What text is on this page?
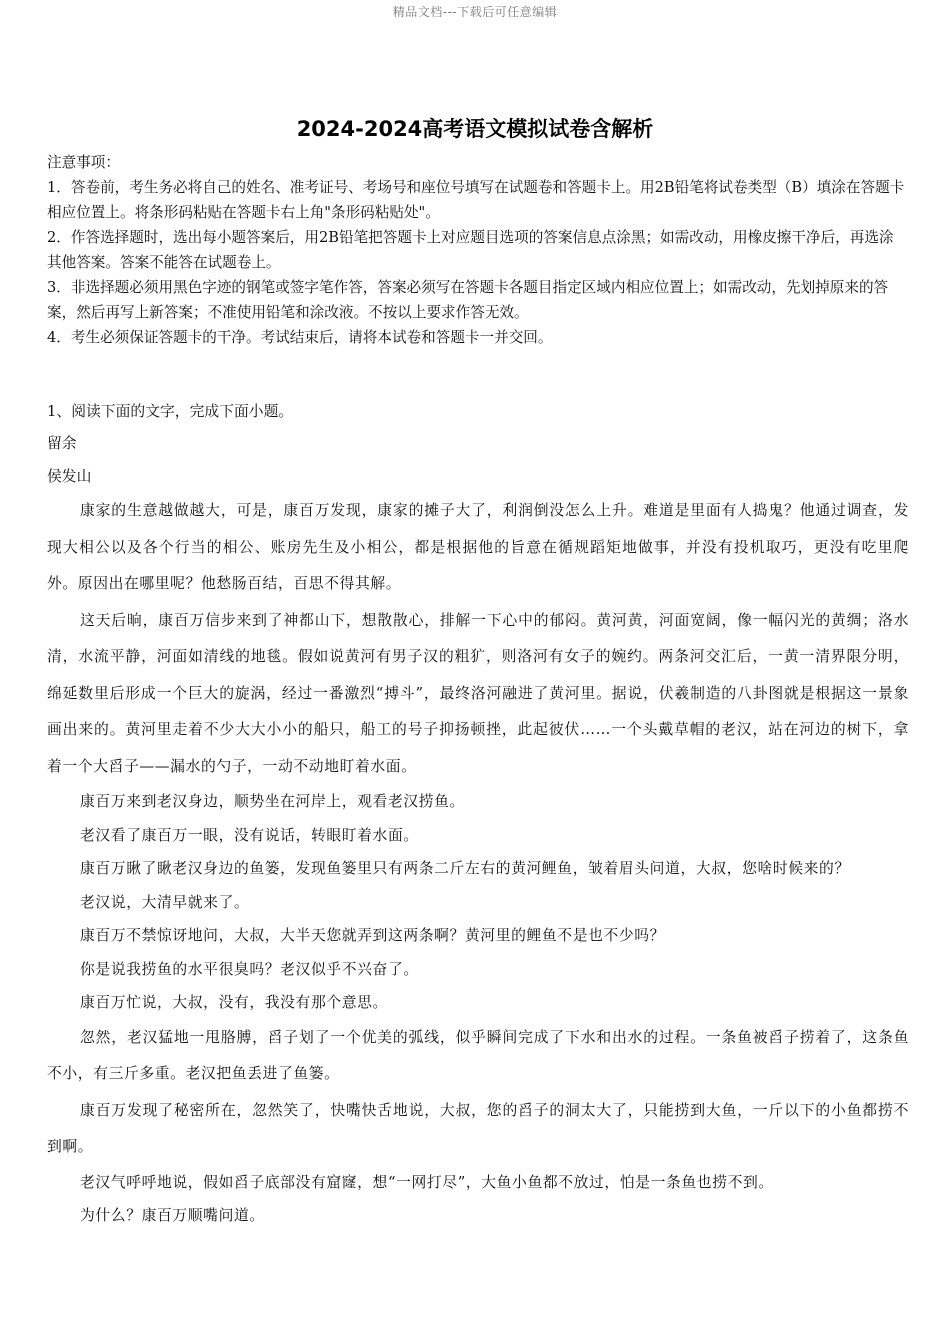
精品文档---下载后可任意编辑
2024-2024高考语文模拟试卷含解析

注意事项：

1．答卷前，考生务必将自己的姓名、准考证号、考场号和座位号填写在试题卷和答题卡上。用2B铅笔将试卷类型（B）填涂在答题卡相应位置上。将条形码粘贴在答题卡右上角"条形码粘贴处"。

2．作答选择题时，选出每小题答案后，用2B铅笔把答题卡上对应题目选项的答案信息点涂黑；如需改动，用橡皮擦干净后，再选涂其他答案。答案不能答在试题卷上。

3．非选择题必须用黑色字迹的钢笔或签字笔作答，答案必须写在答题卡各题目指定区域内相应位置上；如需改动，先划掉原来的答案，然后再写上新答案；不准使用铅笔和涂改液。不按以上要求作答无效。

4．考生必须保证答题卡的干净。考试结束后，请将本试卷和答题卡一并交回。

1、阅读下面的文字，完成下面小题。

留余

侯发山

康家的生意越做越大，可是，康百万发现，康家的摊子大了，利润倒没怎么上升。难道是里面有人捣鬼？他通过调查，发现大相公以及各个行当的相公、账房先生及小相公，都是根据他的旨意在循规蹈矩地做事，并没有投机取巧，更没有吃里爬外。原因出在哪里呢？他愁肠百结，百思不得其解。

这天后晌，康百万信步来到了神都山下，想散散心，排解一下心中的郁闷。黄河黄，河面宽阔，像一幅闪光的黄绸；洛水清，水流平静，河面如清线的地毯。假如说黄河有男子汉的粗犷，则洛河有女子的婉约。两条河交汇后，一黄一清界限分明，绵延数里后形成一个巨大的旋涡，经过一番激烈“搏斗”，最终洛河融进了黄河里。据说，伏羲制造的八卦图就是根据这一景象画出来的。黄河里走着不少大大小小的船只，船工的号子抑扬顿挫，此起彼伏……一个头戴草帽的老汉，站在河边的树下，拿着一个大舀子——漏水的勺子，一动不动地盯着水面。

康百万来到老汉身边，顺势坐在河岸上，观看老汉捞鱼。

老汉看了康百万一眼，没有说话，转眼盯着水面。

康百万瞅了瞅老汉身边的鱼篓，发现鱼篓里只有两条二斤左右的黄河鲤鱼，皱着眉头问道，大叔，您啥时候来的？

老汉说，大清早就来了。

康百万不禁惊讶地问，大叔，大半天您就弄到这两条啊？黄河里的鲤鱼不是也不少吗？

你是说我捞鱼的水平很臭吗？老汉似乎不兴奋了。

康百万忙说，大叔，没有，我没有那个意思。

忽然，老汉猛地一甩胳膊，舀子划了一个优美的弧线，似乎瞬间完成了下水和出水的过程。一条鱼被舀子捞着了，这条鱼不小，有三斤多重。老汉把鱼丢进了鱼篓。

康百万发现了秘密所在，忽然笑了，快嘴快舌地说，大叔，您的舀子的洞太大了，只能捞到大鱼，一斤以下的小鱼都捞不到啊。

老汉气呼呼地说，假如舀子底部没有窟窿，想“一网打尽”，大鱼小鱼都不放过，怕是一条鱼也捞不到。

为什么？康百万顺嘴问道。
